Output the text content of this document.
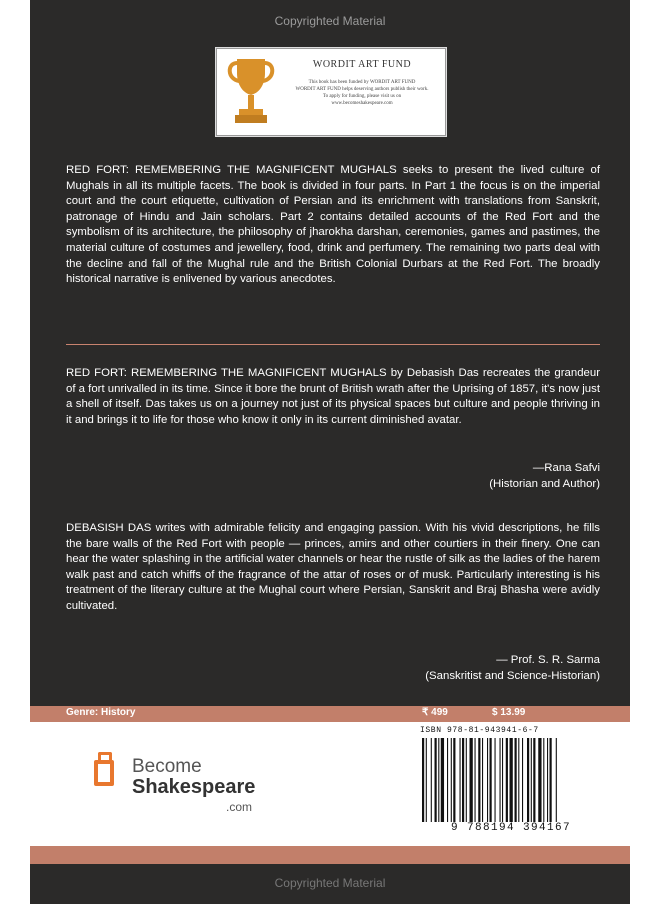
Copyrighted Material
WORDIT ART FUND
This book has been funded by WORDIT ART FUND
WORDIT ART FUND helps deserving authors publish their work.
To apply for funding, please visit us on
www.becomeshakespeare.com
RED FORT: REMEMBERING THE MAGNIFICENT MUGHALS seeks to present the lived culture of Mughals in all its multiple facets. The book is divided in four parts. In Part 1 the focus is on the imperial court and the court etiquette, cultivation of Persian and its enrichment with translations from Sanskrit, patronage of Hindu and Jain scholars. Part 2 contains detailed accounts of the Red Fort and the symbolism of its architecture, the philosophy of jharokha darshan, ceremonies, games and pastimes, the material culture of costumes and jewellery, food, drink and perfumery. The remaining two parts deal with the decline and fall of the Mughal rule and the British Colonial Durbars at the Red Fort. The broadly historical narrative is enlivened by various anecdotes.
RED FORT: REMEMBERING THE MAGNIFICENT MUGHALS by Debasish Das recreates the grandeur of a fort unrivalled in its time. Since it bore the brunt of British wrath after the Uprising of 1857, it's now just a shell of itself. Das takes us on a journey not just of its physical spaces but culture and people thriving in it and brings it to life for those who know it only in its current diminished avatar.
—Rana Safvi
(Historian and Author)
DEBASISH DAS writes with admirable felicity and engaging passion. With his vivid descriptions, he fills the bare walls of the Red Fort with people — princes, amirs and other courtiers in their finery. One can hear the water splashing in the artificial water channels or hear the rustle of silk as the ladies of the harem walk past and catch whiffs of the fragrance of the attar of roses or of musk. Particularly interesting is his treatment of the literary culture at the Mughal court where Persian, Sanskrit and Braj Bhasha were avidly cultivated.
— Prof. S. R. Sarma
(Sanskritist and Science-Historian)
Genre: History	₹ 499	$ 13.99
Become
Shakespeare
.com
ISBN 978-81-943941-6-7
9 788194 394167
Copyrighted Material
